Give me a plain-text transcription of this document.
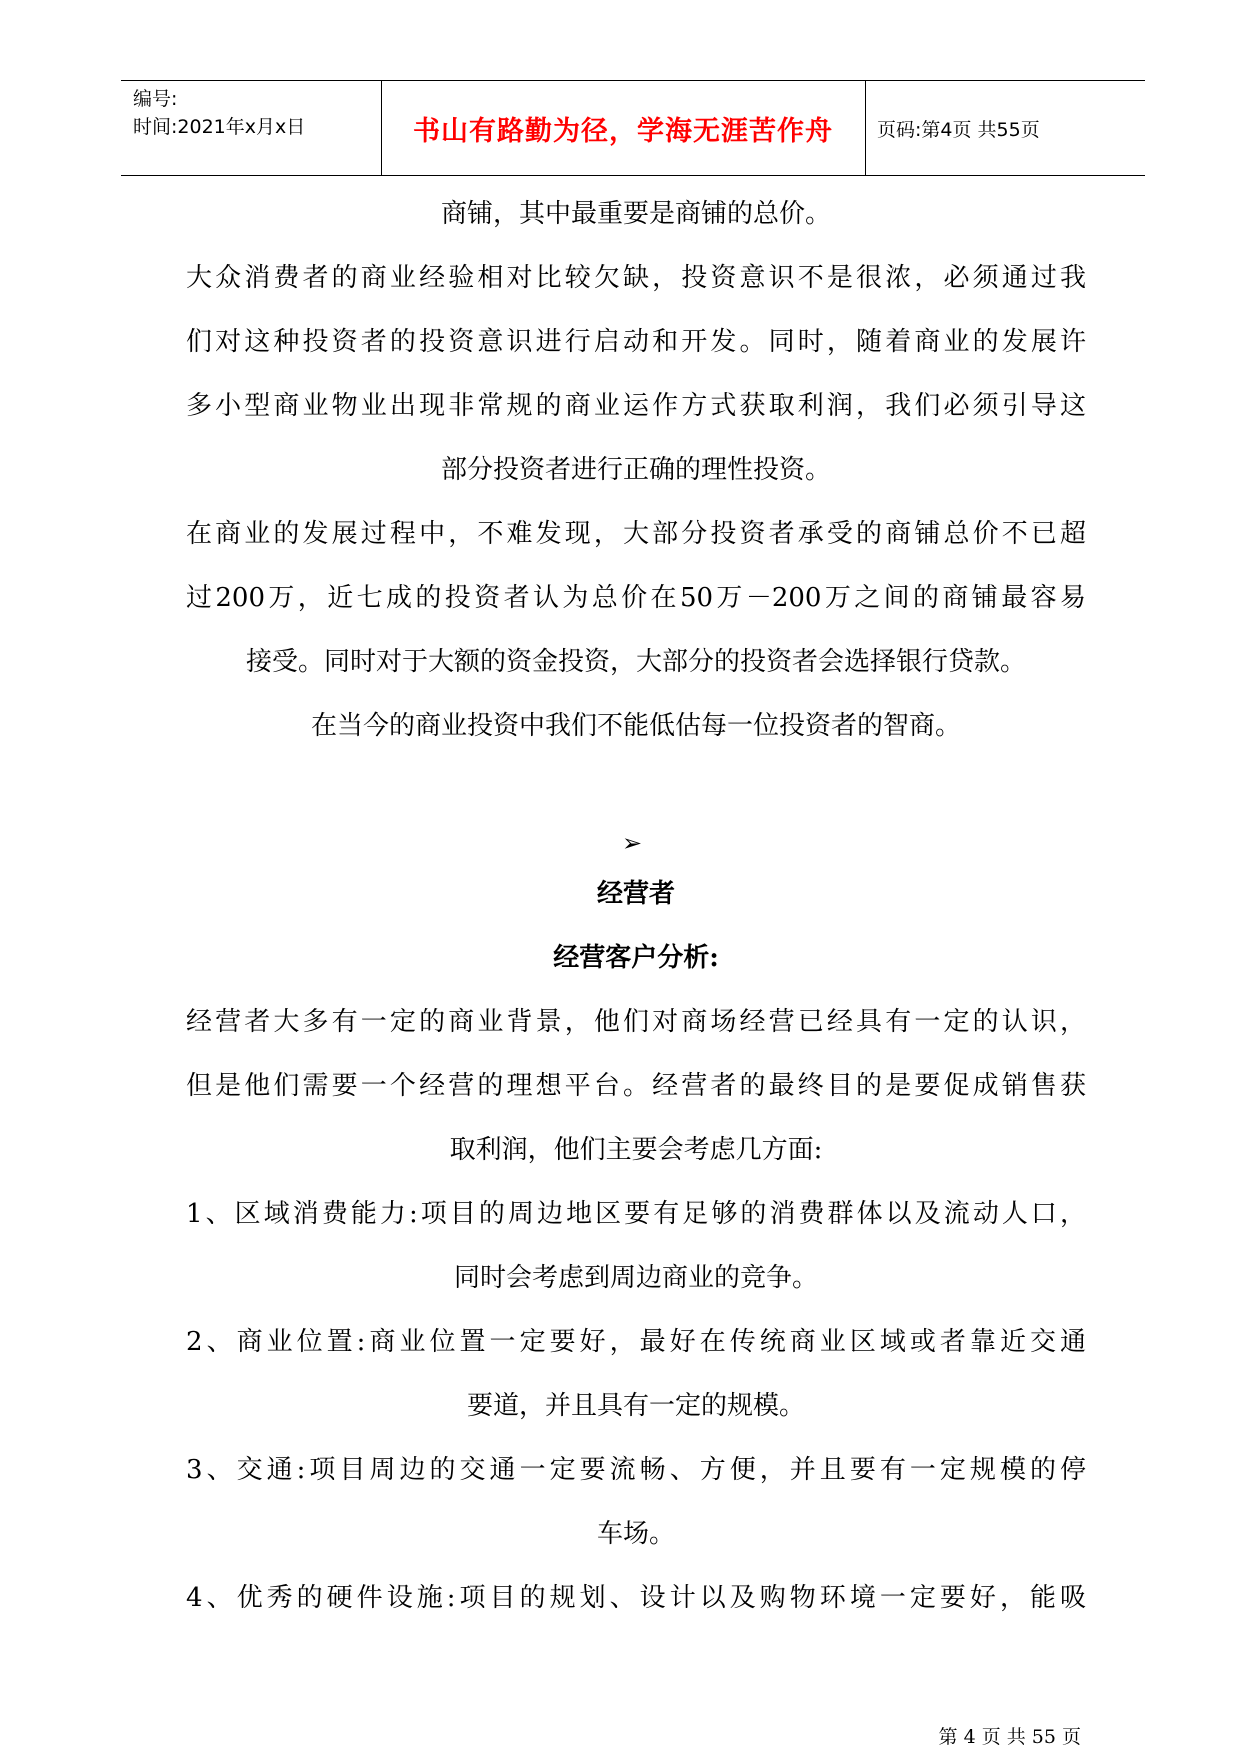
编号:
时间:2021年x月x日	书山有路勤为径，学海无涯苦作舟	页码:第4页 共55页
商铺，其中最重要是商铺的总价。
大众消费者的商业经验相对比较欠缺，投资意识不是很浓，必须通过我
们对这种投资者的投资意识进行启动和开发。同时，随着商业的发展许
多小型商业物业出现非常规的商业运作方式获取利润，我们必须引导这
部分投资者进行正确的理性投资。
在商业的发展过程中，不难发现，大部分投资者承受的商铺总价不已超
过200万，近七成的投资者认为总价在50万－200万之间的商铺最容易
接受。同时对于大额的资金投资，大部分的投资者会选择银行贷款。
在当今的商业投资中我们不能低估每一位投资者的智商。
➢
经营者
经营客户分析:
经营者大多有一定的商业背景，他们对商场经营已经具有一定的认识，
但是他们需要一个经营的理想平台。经营者的最终目的是要促成销售获
取利润，他们主要会考虑几方面:
1、区域消费能力:项目的周边地区要有足够的消费群体以及流动人口，
同时会考虑到周边商业的竞争。
2、商业位置:商业位置一定要好，最好在传统商业区域或者靠近交通
要道，并且具有一定的规模。
3、交通:项目周边的交通一定要流畅、方便，并且要有一定规模的停
车场。
4、优秀的硬件设施:项目的规划、设计以及购物环境一定要好，能吸
第 4 页 共 55 页
